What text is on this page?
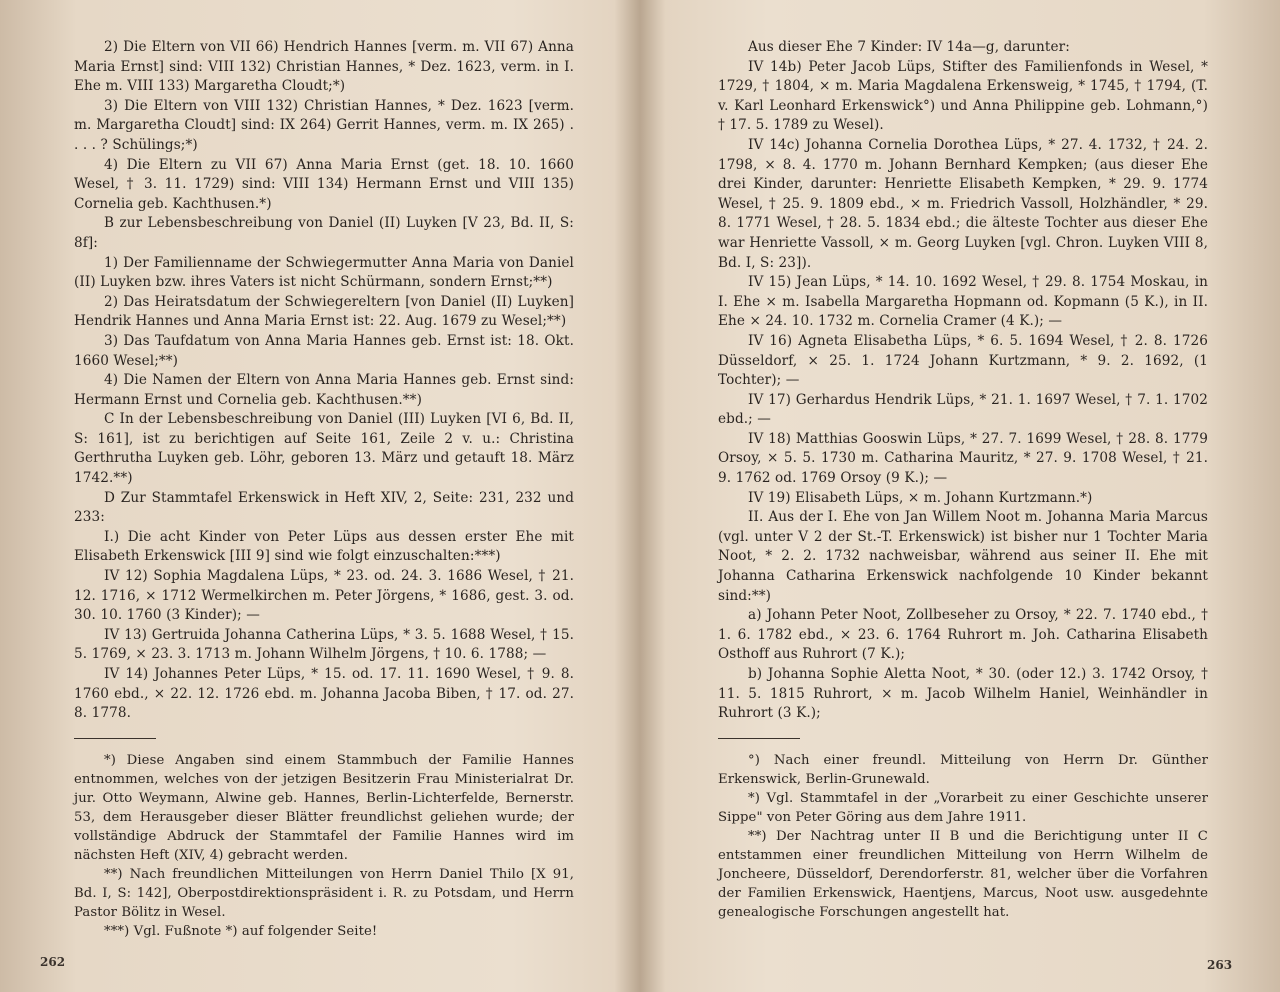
2) Die Eltern von VII 66) Hendrich Hannes [verm. m. VII 67) Anna Maria Ernst] sind: VIII 132) Christian Hannes, * Dez. 1623, verm. in I. Ehe m. VIII 133) Margaretha Cloudt;*)

3) Die Eltern von VIII 132) Christian Hannes, * Dez. 1623 [verm. m. Margaretha Cloudt] sind: IX 264) Gerrit Hannes, verm. m. IX 265) . . . . ? Schülings;*)

4) Die Eltern zu VII 67) Anna Maria Ernst (get. 18. 10. 1660 Wesel, † 3. 11. 1729) sind: VIII 134) Hermann Ernst und VIII 135) Cornelia geb. Kachthusen.*)

B zur Lebensbeschreibung von Daniel (II) Luyken [V 23, Bd. II, S: 8f]:

1) Der Familienname der Schwiegermutter Anna Maria von Daniel (II) Luyken bzw. ihres Vaters ist nicht Schürmann, sondern Ernst;**)

2) Das Heiratsdatum der Schwiegereltern [von Daniel (II) Luyken] Hendrik Hannes und Anna Maria Ernst ist: 22. Aug. 1679 zu Wesel;**)

3) Das Taufdatum von Anna Maria Hannes geb. Ernst ist: 18. Okt. 1660 Wesel;**)

4) Die Namen der Eltern von Anna Maria Hannes geb. Ernst sind: Hermann Ernst und Cornelia geb. Kachthusen.**)

C In der Lebensbeschreibung von Daniel (III) Luyken [VI 6, Bd. II, S: 161], ist zu berichtigen auf Seite 161, Zeile 2 v. u.: Christina Gerthrutha Luyken geb. Löhr, geboren 13. März und getauft 18. März 1742.**)

D Zur Stammtafel Erkenswick in Heft XIV, 2, Seite: 231, 232 und 233:

I.) Die acht Kinder von Peter Lüps aus dessen erster Ehe mit Elisabeth Erkenswick [III 9] sind wie folgt einzuschalten:***)

IV 12) Sophia Magdalena Lüps, * 23. od. 24. 3. 1686 Wesel, † 21. 12. 1716, × 1712 Wermelkirchen m. Peter Jörgens, * 1686, gest. 3. od. 30. 10. 1760 (3 Kinder); —

IV 13) Gertruida Johanna Catherina Lüps, * 3. 5. 1688 Wesel, † 15. 5. 1769, × 23. 3. 1713 m. Johann Wilhelm Jörgens, † 10. 6. 1788; —

IV 14) Johannes Peter Lüps, * 15. od. 17. 11. 1690 Wesel, † 9. 8. 1760 ebd., × 22. 12. 1726 ebd. m. Johanna Jacoba Biben, † 17. od. 27. 8. 1778.

*) Diese Angaben sind einem Stammbuch der Familie Hannes entnommen, welches von der jetzigen Besitzerin Frau Ministerialrat Dr. jur. Otto Weymann, Alwine geb. Hannes, Berlin-Lichterfelde, Bernerstr. 53, dem Herausgeber dieser Blätter freundlichst geliehen wurde; der vollständige Abdruck der Stammtafel der Familie Hannes wird im nächsten Heft (XIV, 4) gebracht werden.

**) Nach freundlichen Mitteilungen von Herrn Daniel Thilo [X 91, Bd. I, S: 142], Oberpostdirektionspräsident i. R. zu Potsdam, und Herrn Pastor Bölitz in Wesel.

***) Vgl. Fußnote *) auf folgender Seite!

262

Aus dieser Ehe 7 Kinder: IV 14a—g, darunter:

IV 14b) Peter Jacob Lüps, Stifter des Familienfonds in Wesel, * 1729, † 1804, × m. Maria Magdalena Erkensweig, * 1745, † 1794, (T. v. Karl Leonhard Erkenswick°) und Anna Philippine geb. Lohmann,°) † 17. 5. 1789 zu Wesel).

IV 14c) Johanna Cornelia Dorothea Lüps, * 27. 4. 1732, † 24. 2. 1798, × 8. 4. 1770 m. Johann Bernhard Kempken; (aus dieser Ehe drei Kinder, darunter: Henriette Elisabeth Kempken, * 29. 9. 1774 Wesel, † 25. 9. 1809 ebd., × m. Friedrich Vassoll, Holzhändler, * 29. 8. 1771 Wesel, † 28. 5. 1834 ebd.; die älteste Tochter aus dieser Ehe war Henriette Vassoll, × m. Georg Luyken [vgl. Chron. Luyken VIII 8, Bd. I, S: 23]).

IV 15) Jean Lüps, * 14. 10. 1692 Wesel, † 29. 8. 1754 Moskau, in I. Ehe × m. Isabella Margaretha Hopmann od. Kopmann (5 K.), in II. Ehe × 24. 10. 1732 m. Cornelia Cramer (4 K.); —

IV 16) Agneta Elisabetha Lüps, * 6. 5. 1694 Wesel, † 2. 8. 1726 Düsseldorf, × 25. 1. 1724 Johann Kurtzmann, * 9. 2. 1692, (1 Tochter); —

IV 17) Gerhardus Hendrik Lüps, * 21. 1. 1697 Wesel, † 7. 1. 1702 ebd.; —

IV 18) Matthias Gooswin Lüps, * 27. 7. 1699 Wesel, † 28. 8. 1779 Orsoy, × 5. 5. 1730 m. Catharina Mauritz, * 27. 9. 1708 Wesel, † 21. 9. 1762 od. 1769 Orsoy (9 K.); —

IV 19) Elisabeth Lüps, × m. Johann Kurtzmann.*)

II. Aus der I. Ehe von Jan Willem Noot m. Johanna Maria Marcus (vgl. unter V 2 der St.-T. Erkenswick) ist bisher nur 1 Tochter Maria Noot, * 2. 2. 1732 nachweisbar, während aus seiner II. Ehe mit Johanna Catharina Erkenswick nachfolgende 10 Kinder bekannt sind:**)

a) Johann Peter Noot, Zollbeseher zu Orsoy, * 22. 7. 1740 ebd., † 1. 6. 1782 ebd., × 23. 6. 1764 Ruhrort m. Joh. Catharina Elisabeth Osthoff aus Ruhrort (7 K.);

b) Johanna Sophie Aletta Noot, * 30. (oder 12.) 3. 1742 Orsoy, † 11. 5. 1815 Ruhrort, × m. Jacob Wilhelm Haniel, Weinhändler in Ruhrort (3 K.);

°) Nach einer freundl. Mitteilung von Herrn Dr. Günther Erkenswick, Berlin-Grunewald.

*) Vgl. Stammtafel in der „Vorarbeit zu einer Geschichte unserer Sippe" von Peter Göring aus dem Jahre 1911.

**) Der Nachtrag unter II B und die Berichtigung unter II C entstammen einer freundlichen Mitteilung von Herrn Wilhelm de Joncheere, Düsseldorf, Derendorferstr. 81, welcher über die Vorfahren der Familien Erkenswick, Haentjens, Marcus, Noot usw. ausgedehnte genealogische Forschungen angestellt hat.

263
